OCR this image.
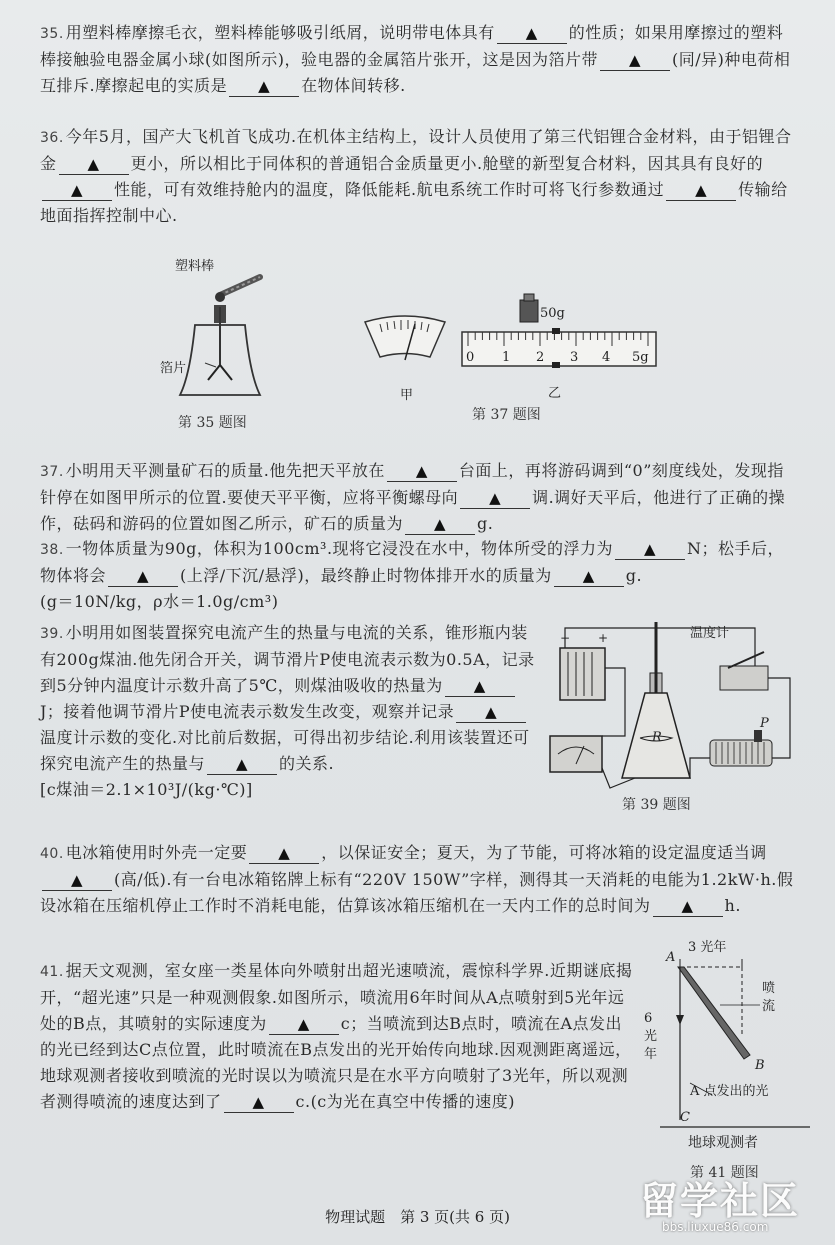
35. 用塑料棒摩擦毛衣，塑料棒能够吸引纸屑，说明带电体具有 ▲ 的性质；如果用摩擦过的塑料棒接触验电器金属小球(如图所示)，验电器的金属箔片张开，这是因为箔片带 ▲ (同/异)种电荷相互排斥.摩擦起电的实质是 ▲ 在物体间转移.
36. 今年5月，国产大飞机首飞成功.在机体主结构上，设计人员使用了第三代铝锂合金材料，由于铝锂合金 ▲ 更小，所以相比于同体积的普通铝合金质量更小.舱壁的新型复合材料，因其具有良好的▲ 性能，可有效维持舱内的温度，降低能耗.航电系统工作时可将飞行参数通过 ▲ 传输给地面指挥控制中心.
塑料棒
箔片
第 35 题图
甲
50g
0 1 2 3 4 5g
乙
第 37 题图
37. 小明用天平测量矿石的质量.他先把天平放在 ▲ 台面上，再将游码调到“0”刻度线处，发现指针停在如图甲所示的位置.要使天平平衡，应将平衡螺母向 ▲ 调.调好天平后，他进行了正确的操作，砝码和游码的位置如图乙所示，矿石的质量为 ▲ g.
38. 一物体质量为90g，体积为100cm³.现将它浸没在水中，物体所受的浮力为 ▲ N；松手后，物体将会 ▲ (上浮/下沉/悬浮)，最终静止时物体排开水的质量为 ▲ g.
(g＝10N/kg，ρ水＝1.0g/cm³)
39. 小明用如图装置探究电流产生的热量与电流的关系，锥形瓶内装有200g煤油.他先闭合开关，调节滑片P使电流表示数为0.5A，记录到5分钟内温度计示数升高了5℃，则煤油吸收的热量为 ▲J；接着他调节滑片P使电流表示数发生改变，观察并记录 ▲温度计示数的变化.对比前后数据，可得出初步结论.利用该装置还可探究电流产生的热量与 ▲ 的关系.
[c煤油＝2.1×10³J/(kg·℃)]
− +	温度计
P
R
第 39 题图
40. 电冰箱使用时外壳一定要 ▲ ，以保证安全；夏天，为了节能，可将冰箱的设定温度适当调▲ (高/低).有一台电冰箱铭牌上标有“220V 150W”字样，测得其一天消耗的电能为1.2kW·h.假设冰箱在压缩机停止工作时不消耗电能，估算该冰箱压缩机在一天内工作的总时间为 ▲ h.
41. 据天文观测，室女座一类星体向外喷射出超光速喷流，震惊科学界.近期谜底揭开，“超光速”只是一种观测假象.如图所示，喷流用6年时间从A点喷射到5光年远处的B点，其喷射的实际速度为 ▲ c；当喷流到达B点时，喷流在A点发出的光已经到达C点位置，此时喷流在B点发出的光开始传向地球.因观测距离遥远，地球观测者接收到喷流的光时误以为喷流只是在水平方向喷射了3光年，所以观测者测得喷流的速度达到了 ▲ c.(c为光在真空中传播的速度)
3 光年
喷流
6 光年
A
B
A 点发出的光
C
地球观测者
第 41 题图
物理试题　第 3 页(共 6 页)	留学社区
bbs.liuxue86.com
